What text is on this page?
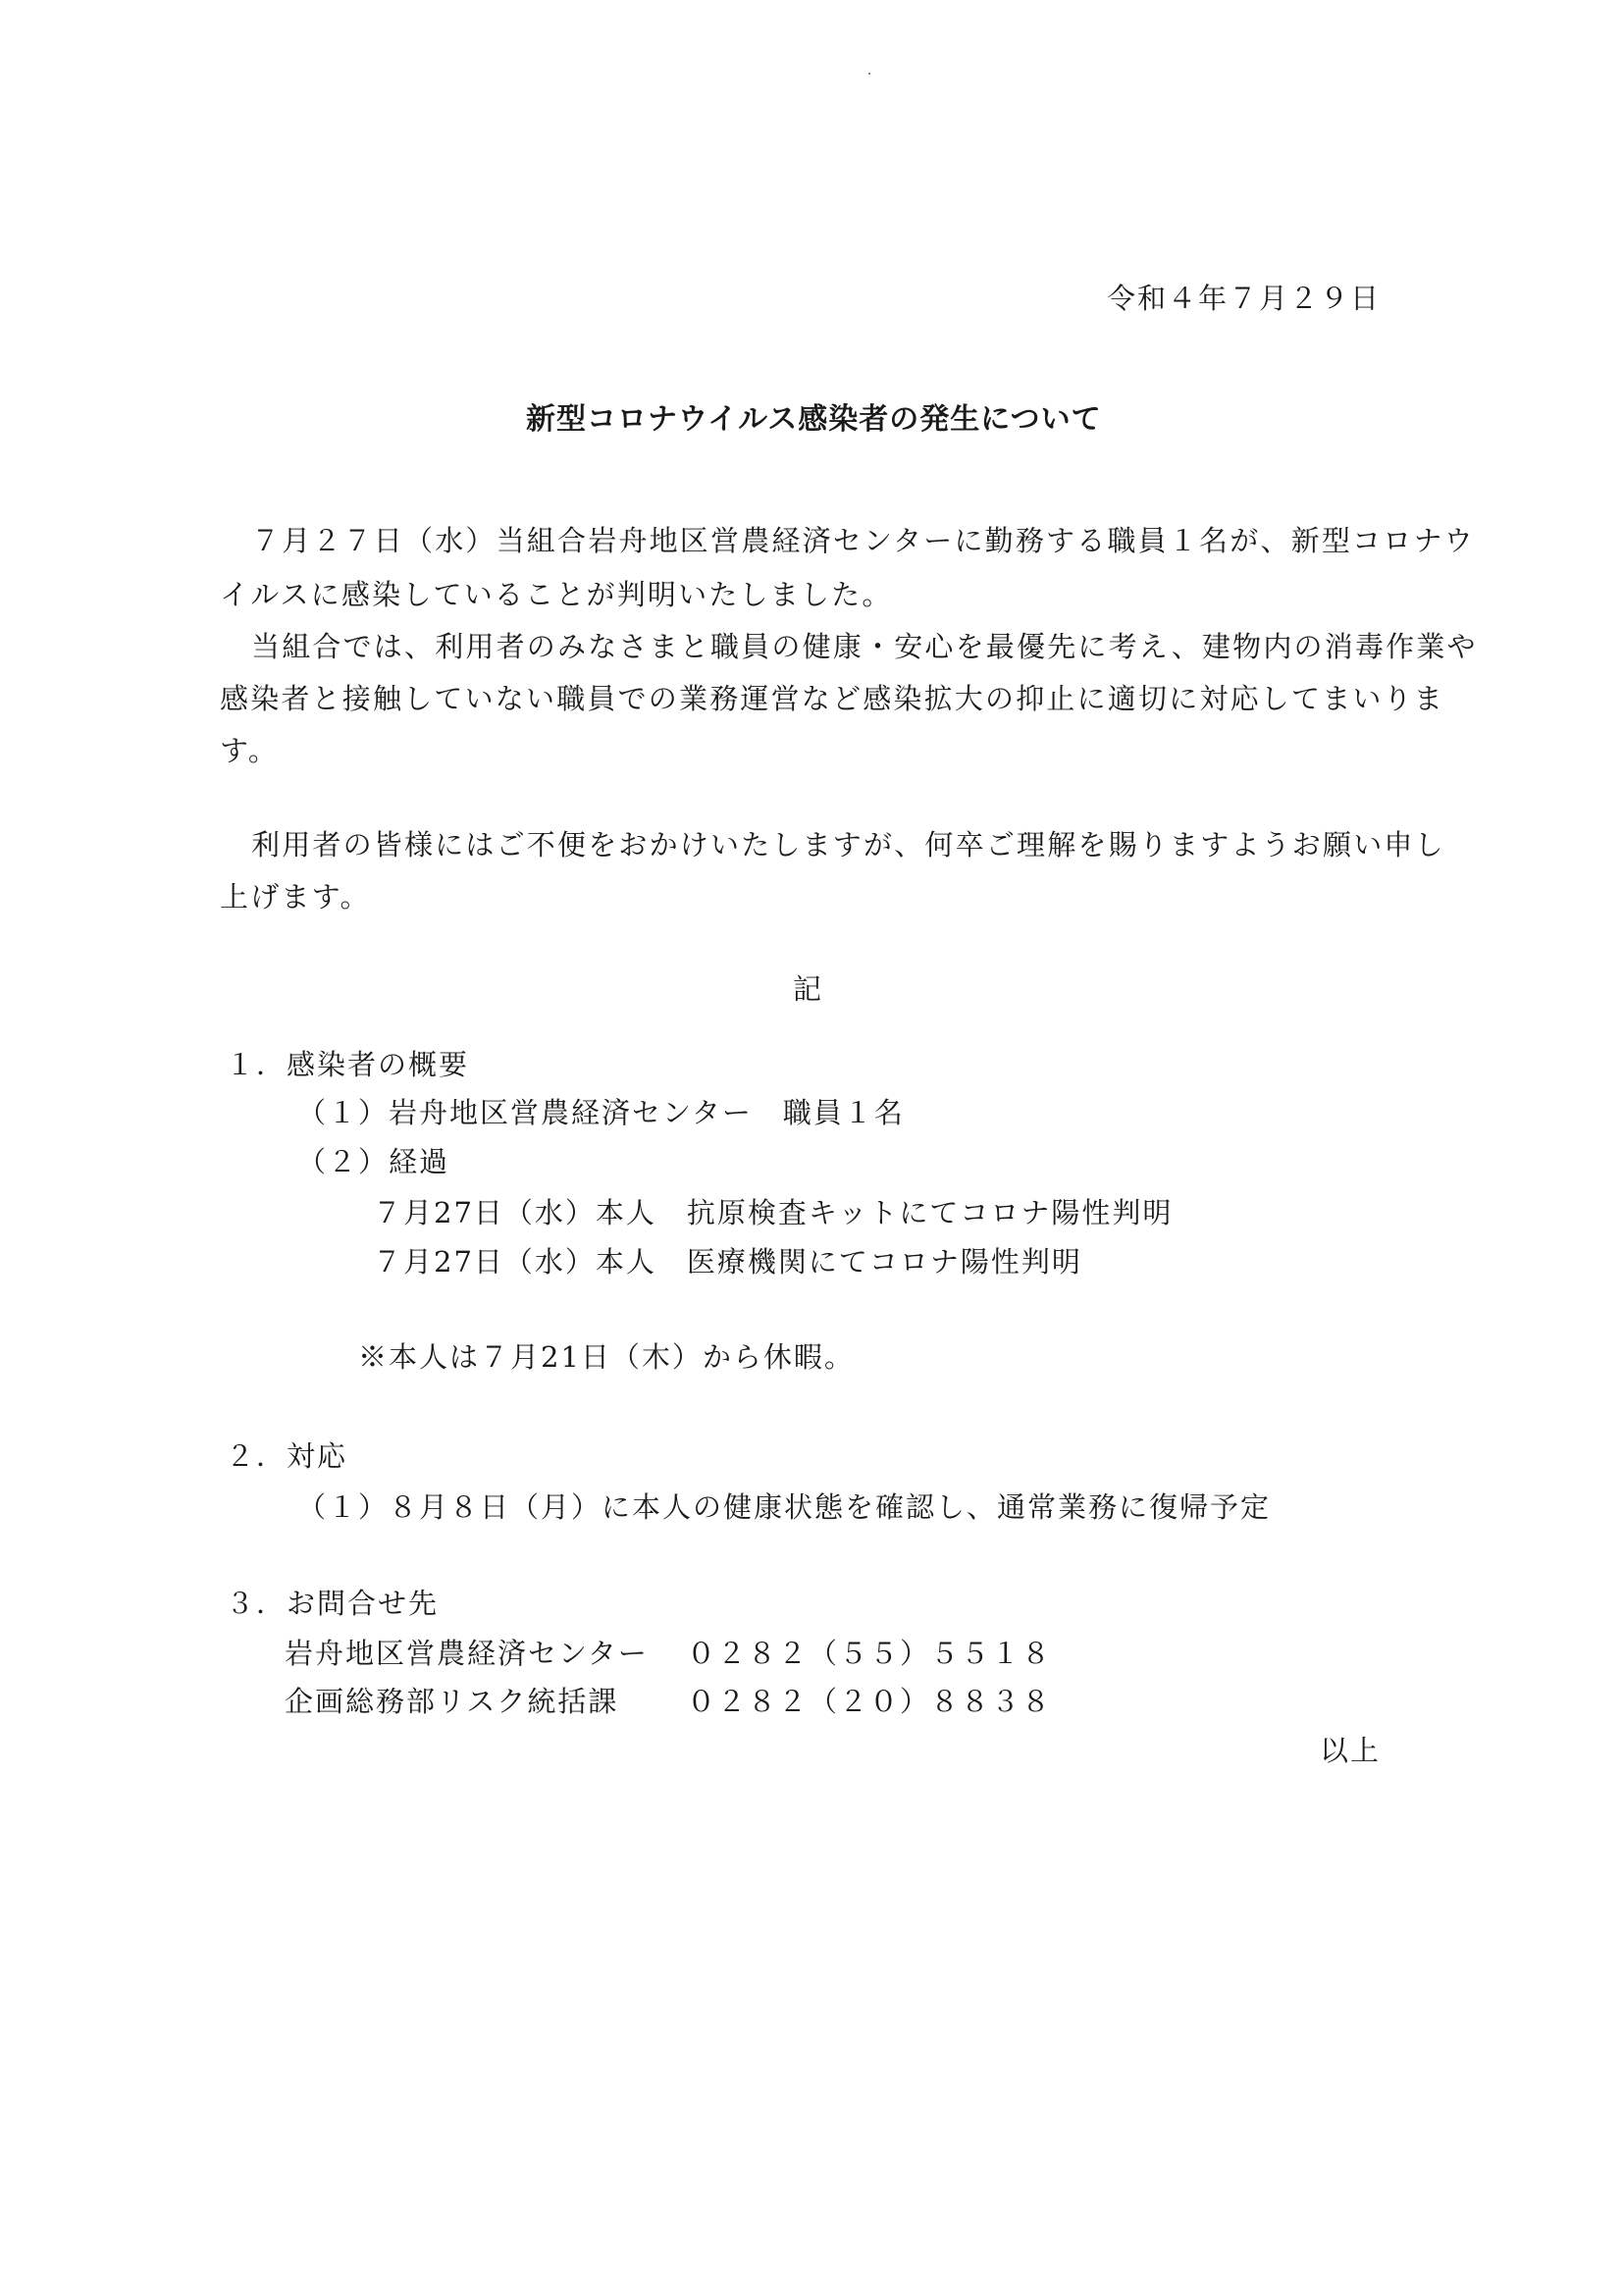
令和４年７月２９日
新型コロナウイルス感染者の発生について
７月２７日（水）当組合岩舟地区営農経済センターに勤務する職員１名が、新型コロナウ
イルスに感染していることが判明いたしました。
当組合では、利用者のみなさまと職員の健康・安心を最優先に考え、建物内の消毒作業や
感染者と接触していない職員での業務運営など感染拡大の抑止に適切に対応してまいりま
す。
利用者の皆様にはご不便をおかけいたしますが、何卒ご理解を賜りますようお願い申し
上げます。
記
１．感染者の概要
（１）岩舟地区営農経済センター　職員１名
（２）経過
７月27日（水）本人　抗原検査キットにてコロナ陽性判明
７月27日（水）本人　医療機関にてコロナ陽性判明
※本人は７月21日（木）から休暇。
２．対応
（１）８月８日（月）に本人の健康状態を確認し、通常業務に復帰予定
３．お問合せ先
岩舟地区営農経済センター ０２８２（５５）５５１８
企画総務部リスク統括課 ０２８２（２０）８８３８
以上
